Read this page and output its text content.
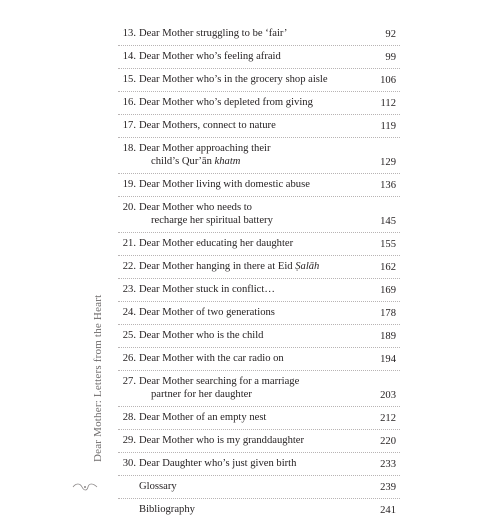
Dear Mother: Letters from the Heart
13. Dear Mother struggling to be ‘fair’	92
14. Dear Mother who’s feeling afraid	99
15. Dear Mother who’s in the grocery shop aisle	106
16. Dear Mother who’s depleted from giving	112
17. Dear Mothers, connect to nature	119
18. Dear Mother approaching their
child’s Qurʼān khatm	129
19. Dear Mother living with domestic abuse	136
20. Dear Mother who needs to
recharge her spiritual battery	145
21. Dear Mother educating her daughter	155
22. Dear Mother hanging in there at Eid Ṣalāh	162
23. Dear Mother stuck in conflict…	169
24. Dear Mother of two generations	178
25. Dear Mother who is the child	189
26. Dear Mother with the car radio on	194
27. Dear Mother searching for a marriage
partner for her daughter	203
28. Dear Mother of an empty nest	212
29. Dear Mother who is my granddaughter	220
30. Dear Daughter who’s just given birth	233
Glossary	239
Bibliography	241
